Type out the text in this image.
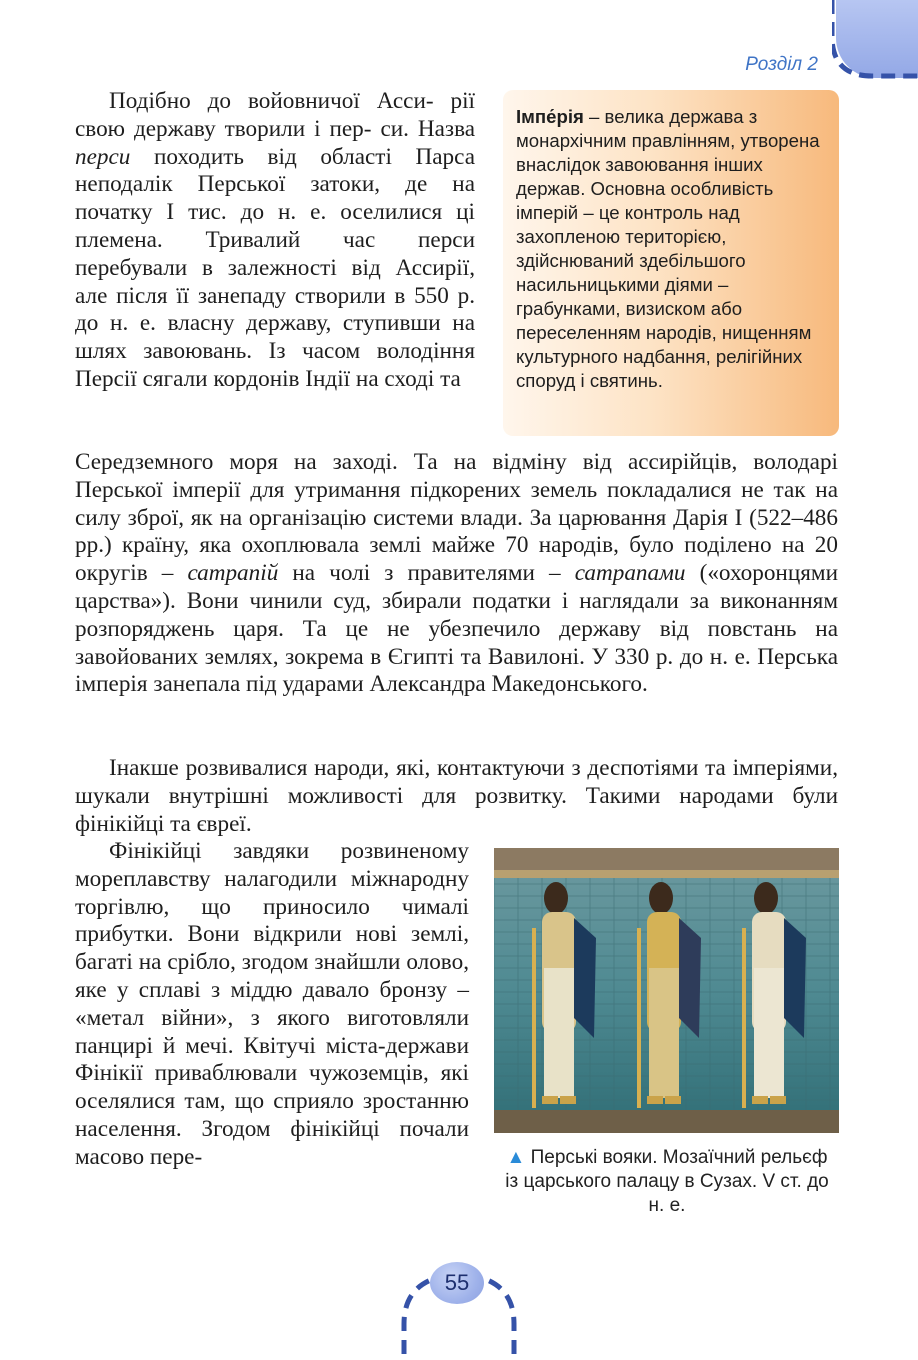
Розділ 2

Подібно до войовничої Асси- рії свою державу творили і пер- си. Назва перси походить від області Парса неподалік Перської затоки, де на початку І тис. до н. е. оселилися ці племена. Тривалий час перси перебували в залежності від Ассирії, але після її занепаду створили в 550 р. до н. е. власну державу, ступивши на шлях завоювань. Із часом володіння Персії сягали кордонів Індії на сході та

Імпе́рія – велика держава з монархічним правлінням, утворена внаслідок завоювання інших держав. Основна особливість імперій – це контроль над захопленою територією, здійснюваний здебільшого насильницькими діями – грабунками, визиском або переселенням народів, нищенням культурного надбання, релігійних споруд і святинь.

Середземного моря на заході. Та на відміну від ассирійців, володарі Перської імперії для утримання підкорених земель покладалися не так на силу зброї, як на організацію системи влади. За царювання Дарія І (522–486 рр.) країну, яка охоплювала землі майже 70 народів, було поділено на 20 округів – сатрапій на чолі з правителями – сатрапами («охоронцями царства»). Вони чинили суд, збирали податки і наглядали за виконанням розпоряджень царя. Та це не убезпечило державу від повстань на завойованих землях, зокрема в Єгипті та Вавилоні. У 330 р. до н. е. Перська імперія занепала під ударами Александра Македонського.

Інакше розвивалися народи, які, контактуючи з деспотіями та імперіями, шукали внутрішні можливості для розвитку. Такими народами були фінікійці та євреї.

Фінікійці завдяки розвиненому мореплавству налагодили міжнародну торгівлю, що приносило чималі прибутки. Вони відкрили нові землі, багаті на срібло, згодом знайшли олово, яке у сплаві з міддю давало бронзу – «метал війни», з якого виготовляли панцирі й мечі. Квітучі міста-держави Фінікії приваблювали чужоземців, які оселялися там, що сприяло зростанню населення. Згодом фінікійці почали масово пере-	▲ Перські вояки. Мозаїчний рельєф із царського палацу в Сузах. V ст. до н. е.
55
